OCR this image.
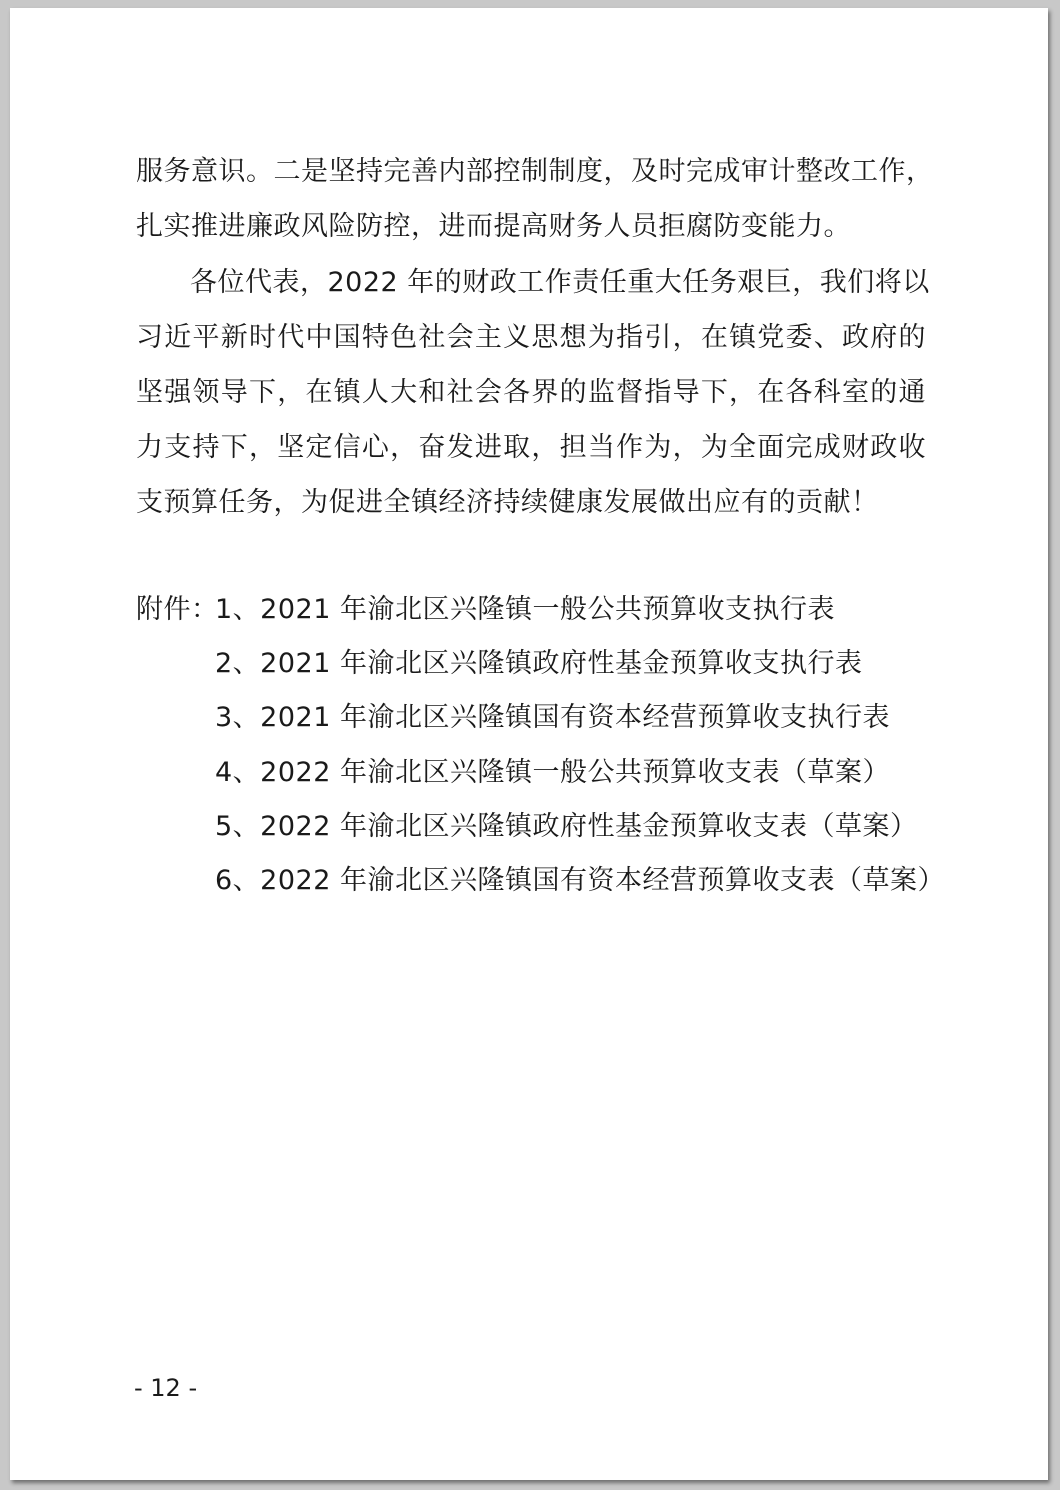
服务意识。二是坚持完善内部控制制度，及时完成审计整改工作，
扎实推进廉政风险防控，进而提高财务人员拒腐防变能力。
各位代表，2022 年的财政工作责任重大任务艰巨，我们将以
习近平新时代中国特色社会主义思想为指引，在镇党委、政府的
坚强领导下，在镇人大和社会各界的监督指导下，在各科室的通
力支持下，坚定信心，奋发进取，担当作为，为全面完成财政收
支预算任务，为促进全镇经济持续健康发展做出应有的贡献！
附件：
1、2021 年渝北区兴隆镇一般公共预算收支执行表
2、2021 年渝北区兴隆镇政府性基金预算收支执行表
3、2021 年渝北区兴隆镇国有资本经营预算收支执行表
4、2022 年渝北区兴隆镇一般公共预算收支表（草案）
5、2022 年渝北区兴隆镇政府性基金预算收支表（草案）
6、2022 年渝北区兴隆镇国有资本经营预算收支表（草案）
- 12 -
